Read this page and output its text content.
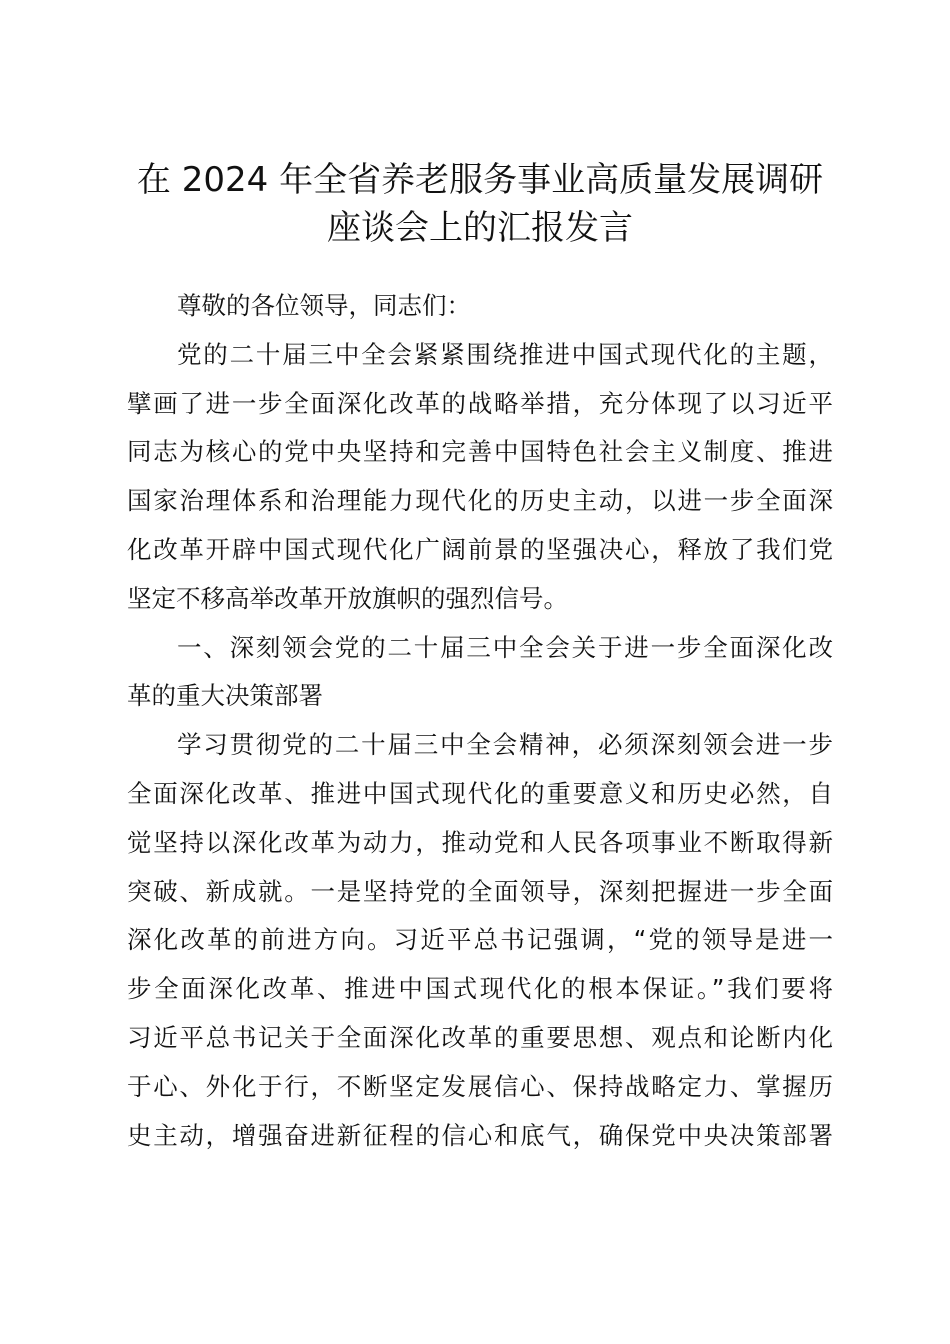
在 2024 年全省养老服务事业高质量发展调研
座谈会上的汇报发言
尊敬的各位领导，同志们：
党的二十届三中全会紧紧围绕推进中国式现代化的主题，
擘画了进一步全面深化改革的战略举措，充分体现了以习近平
同志为核心的党中央坚持和完善中国特色社会主义制度、推进
国家治理体系和治理能力现代化的历史主动，以进一步全面深
化改革开辟中国式现代化广阔前景的坚强决心，释放了我们党
坚定不移高举改革开放旗帜的强烈信号。
一、深刻领会党的二十届三中全会关于进一步全面深化改
革的重大决策部署
学习贯彻党的二十届三中全会精神，必须深刻领会进一步
全面深化改革、推进中国式现代化的重要意义和历史必然，自
觉坚持以深化改革为动力，推动党和人民各项事业不断取得新
突破、新成就。一是坚持党的全面领导，深刻把握进一步全面
深化改革的前进方向。习近平总书记强调，“党的领导是进一
步全面深化改革、推进中国式现代化的根本保证。”我们要将
习近平总书记关于全面深化改革的重要思想、观点和论断内化
于心、外化于行，不断坚定发展信心、保持战略定力、掌握历
史主动，增强奋进新征程的信心和底气，确保党中央决策部署
